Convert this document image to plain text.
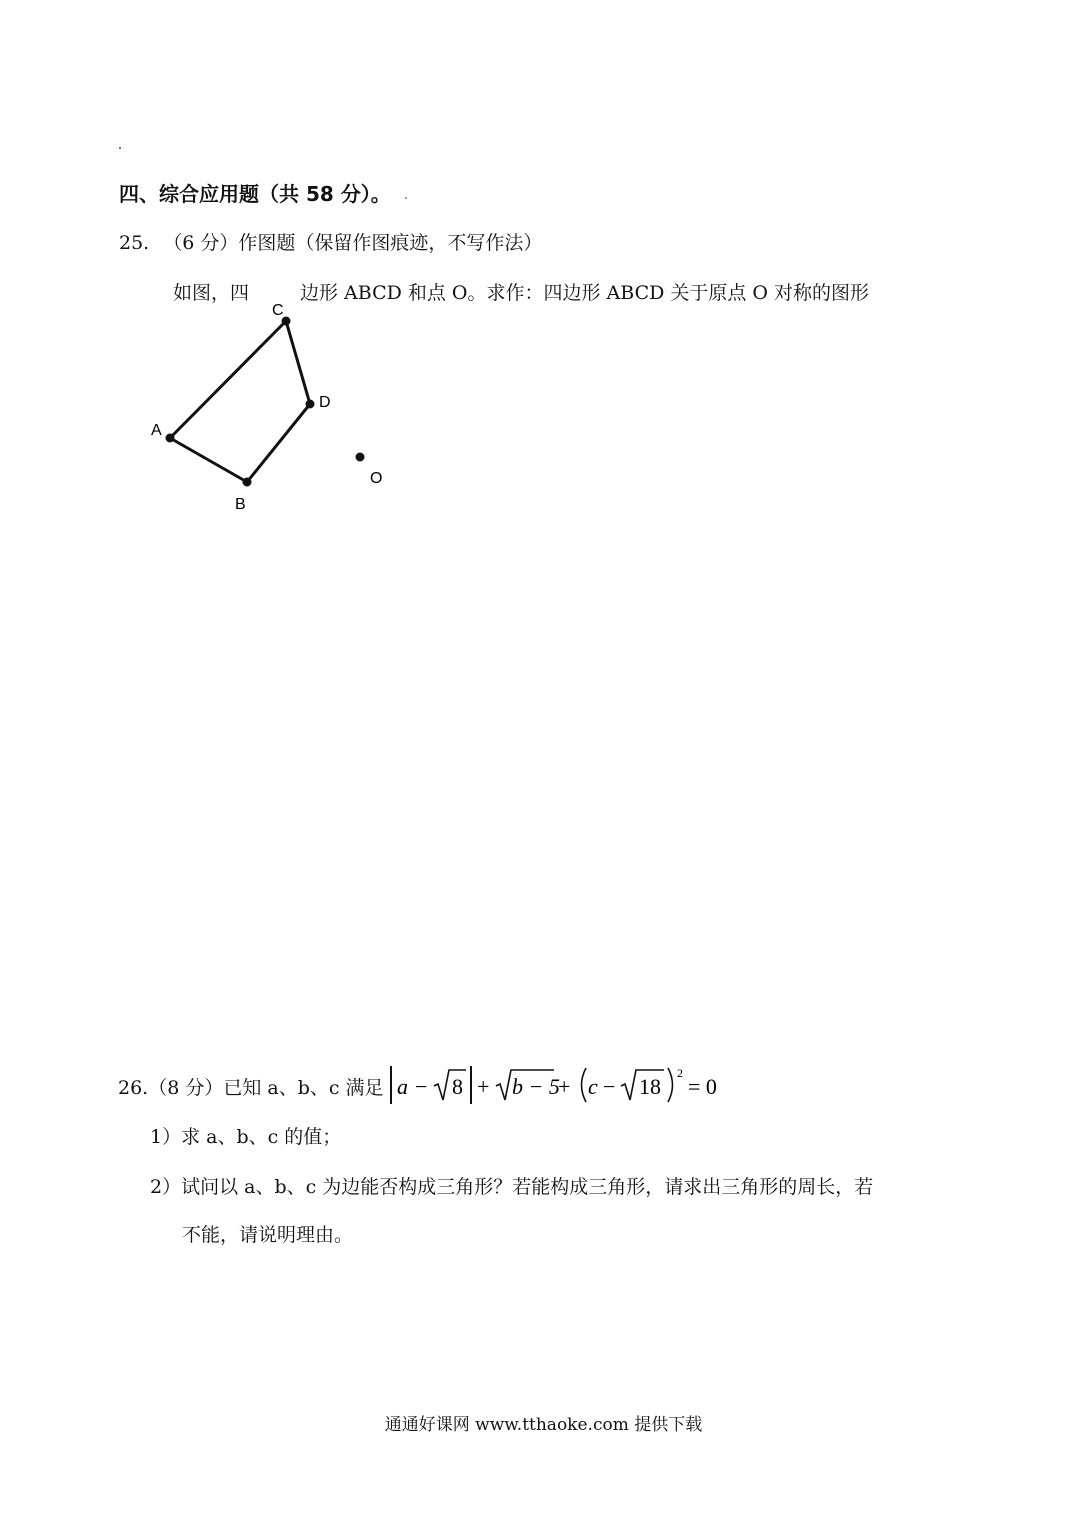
四、综合应用题（共 58 分）。
25. （6 分）作图题（保留作图痕迹，不写作法）
如图，四	边形 ABCD 和点 O。求作：四边形 ABCD 关于原点 O 对称的图形
A
B
C
D
O
26.（8 分）已知 a、b、c 满足 a − 8 + b − 5
+ c − 18
2
= 0
1）求 a、b、c 的值；
2）试问以 a、b、c 为边能否构成三角形？若能构成三角形，请求出三角形的周长，若
不能，请说明理由。
通通好课网 www.tthaoke.com 提供下载
